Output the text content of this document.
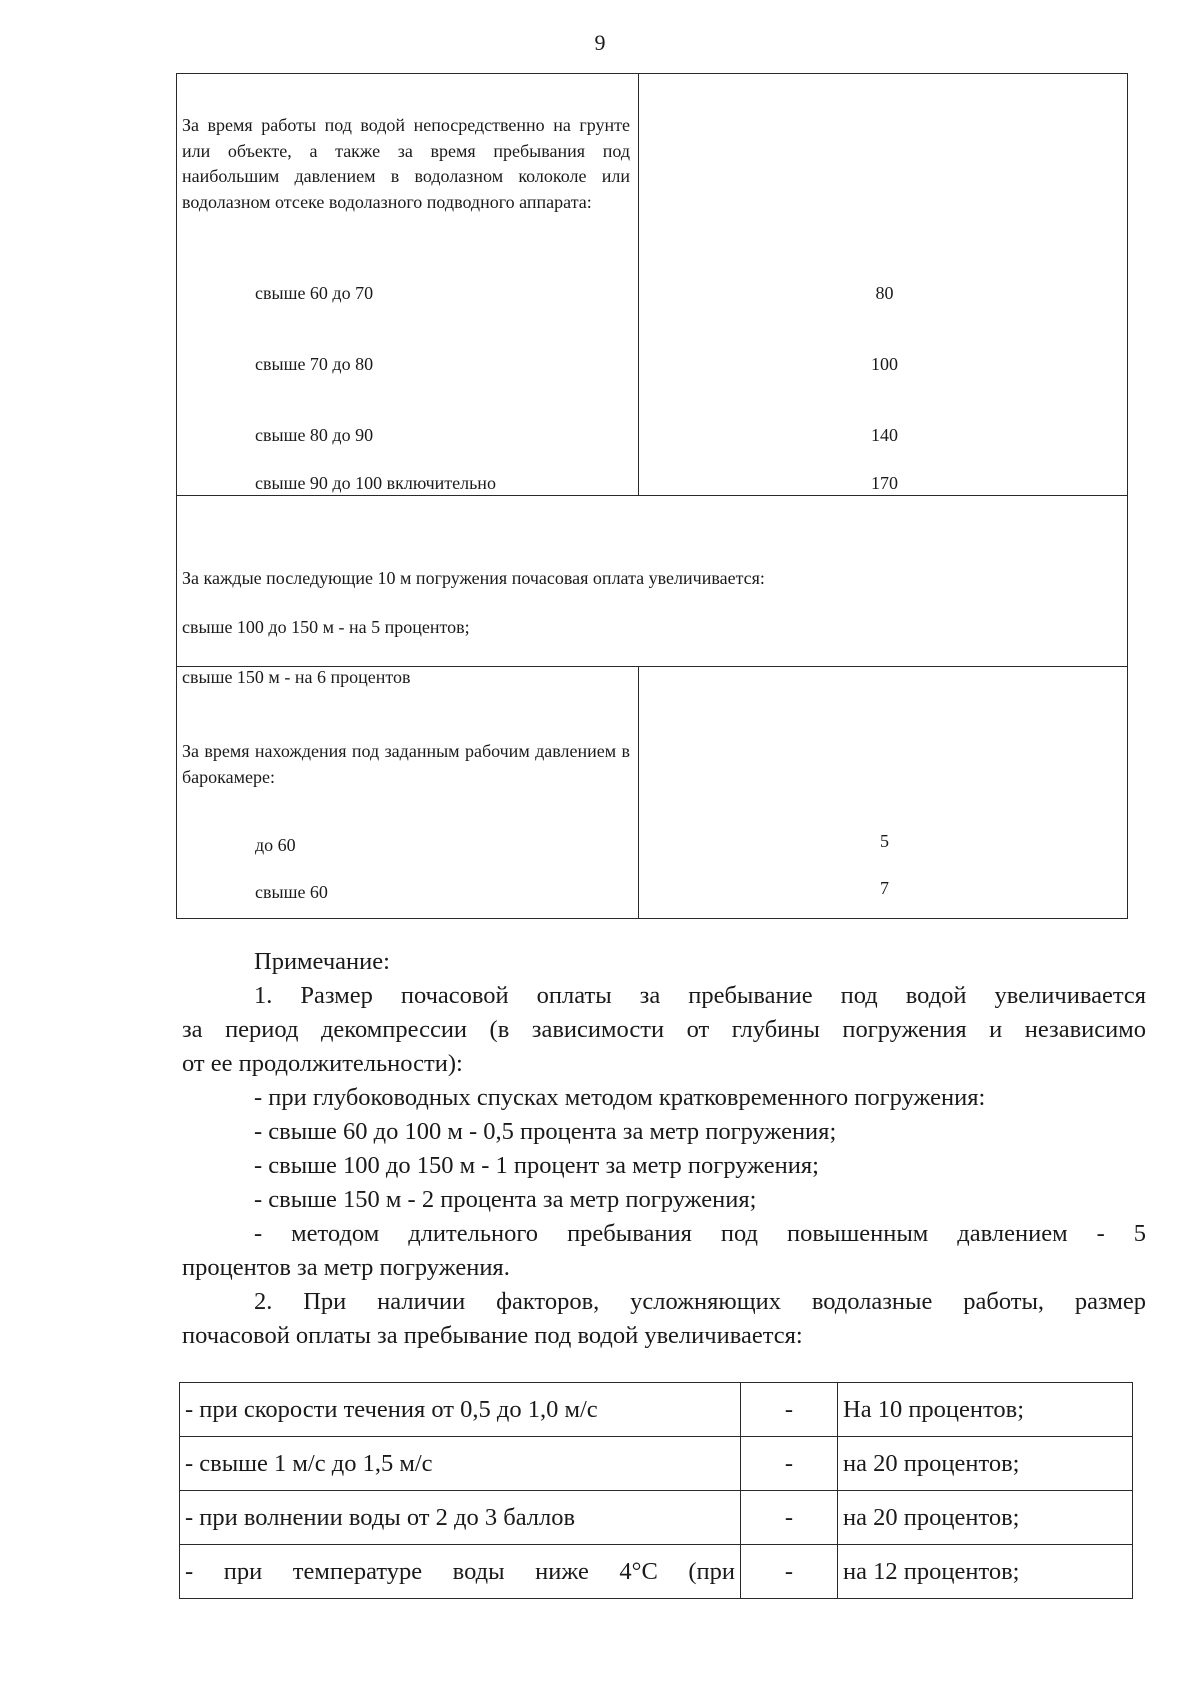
9
За время работы под водой непосредственно на грунте или объекте, а также за время пребывания под наибольшим давлением в водолазном колоколе или водолазном отсеке водолазного подводного аппарата:
свыше 60 до 70	80
свыше 70 до 80	100
свыше 80 до 90	140
свыше 90 до 100 включительно	170
За каждые последующие 10 м погружения почасовая оплата увеличивается:
свыше 100 до 150 м - на 5 процентов;
свыше 150 м - на 6 процентов
За время нахождения под заданным рабочим давлением в барокамере:
до 60	5
свыше 60	7
Примечание:
1. Размер почасовой оплаты за пребывание под водой увеличивается
за период декомпрессии (в зависимости от глубины погружения и независимо
от ее продолжительности):
- при глубоководных спусках методом кратковременного погружения:
- свыше 60 до 100 м - 0,5 процента за метр погружения;
- свыше 100 до 150 м - 1 процент за метр погружения;
- свыше 150 м - 2 процента за метр погружения;
- методом длительного пребывания под повышенным давлением - 5
процентов за метр погружения.
2. При наличии факторов, усложняющих водолазные работы, размер
почасовой оплаты за пребывание под водой увеличивается:
- при скорости течения от 0,5 до 1,0 м/с	-	На 10 процентов;
- свыше 1 м/с до 1,5 м/с	-	на 20 процентов;
- при волнении воды от 2 до 3 баллов	-	на 20 процентов;
- при температуре воды ниже 4°C (при	-	на 12 процентов;
